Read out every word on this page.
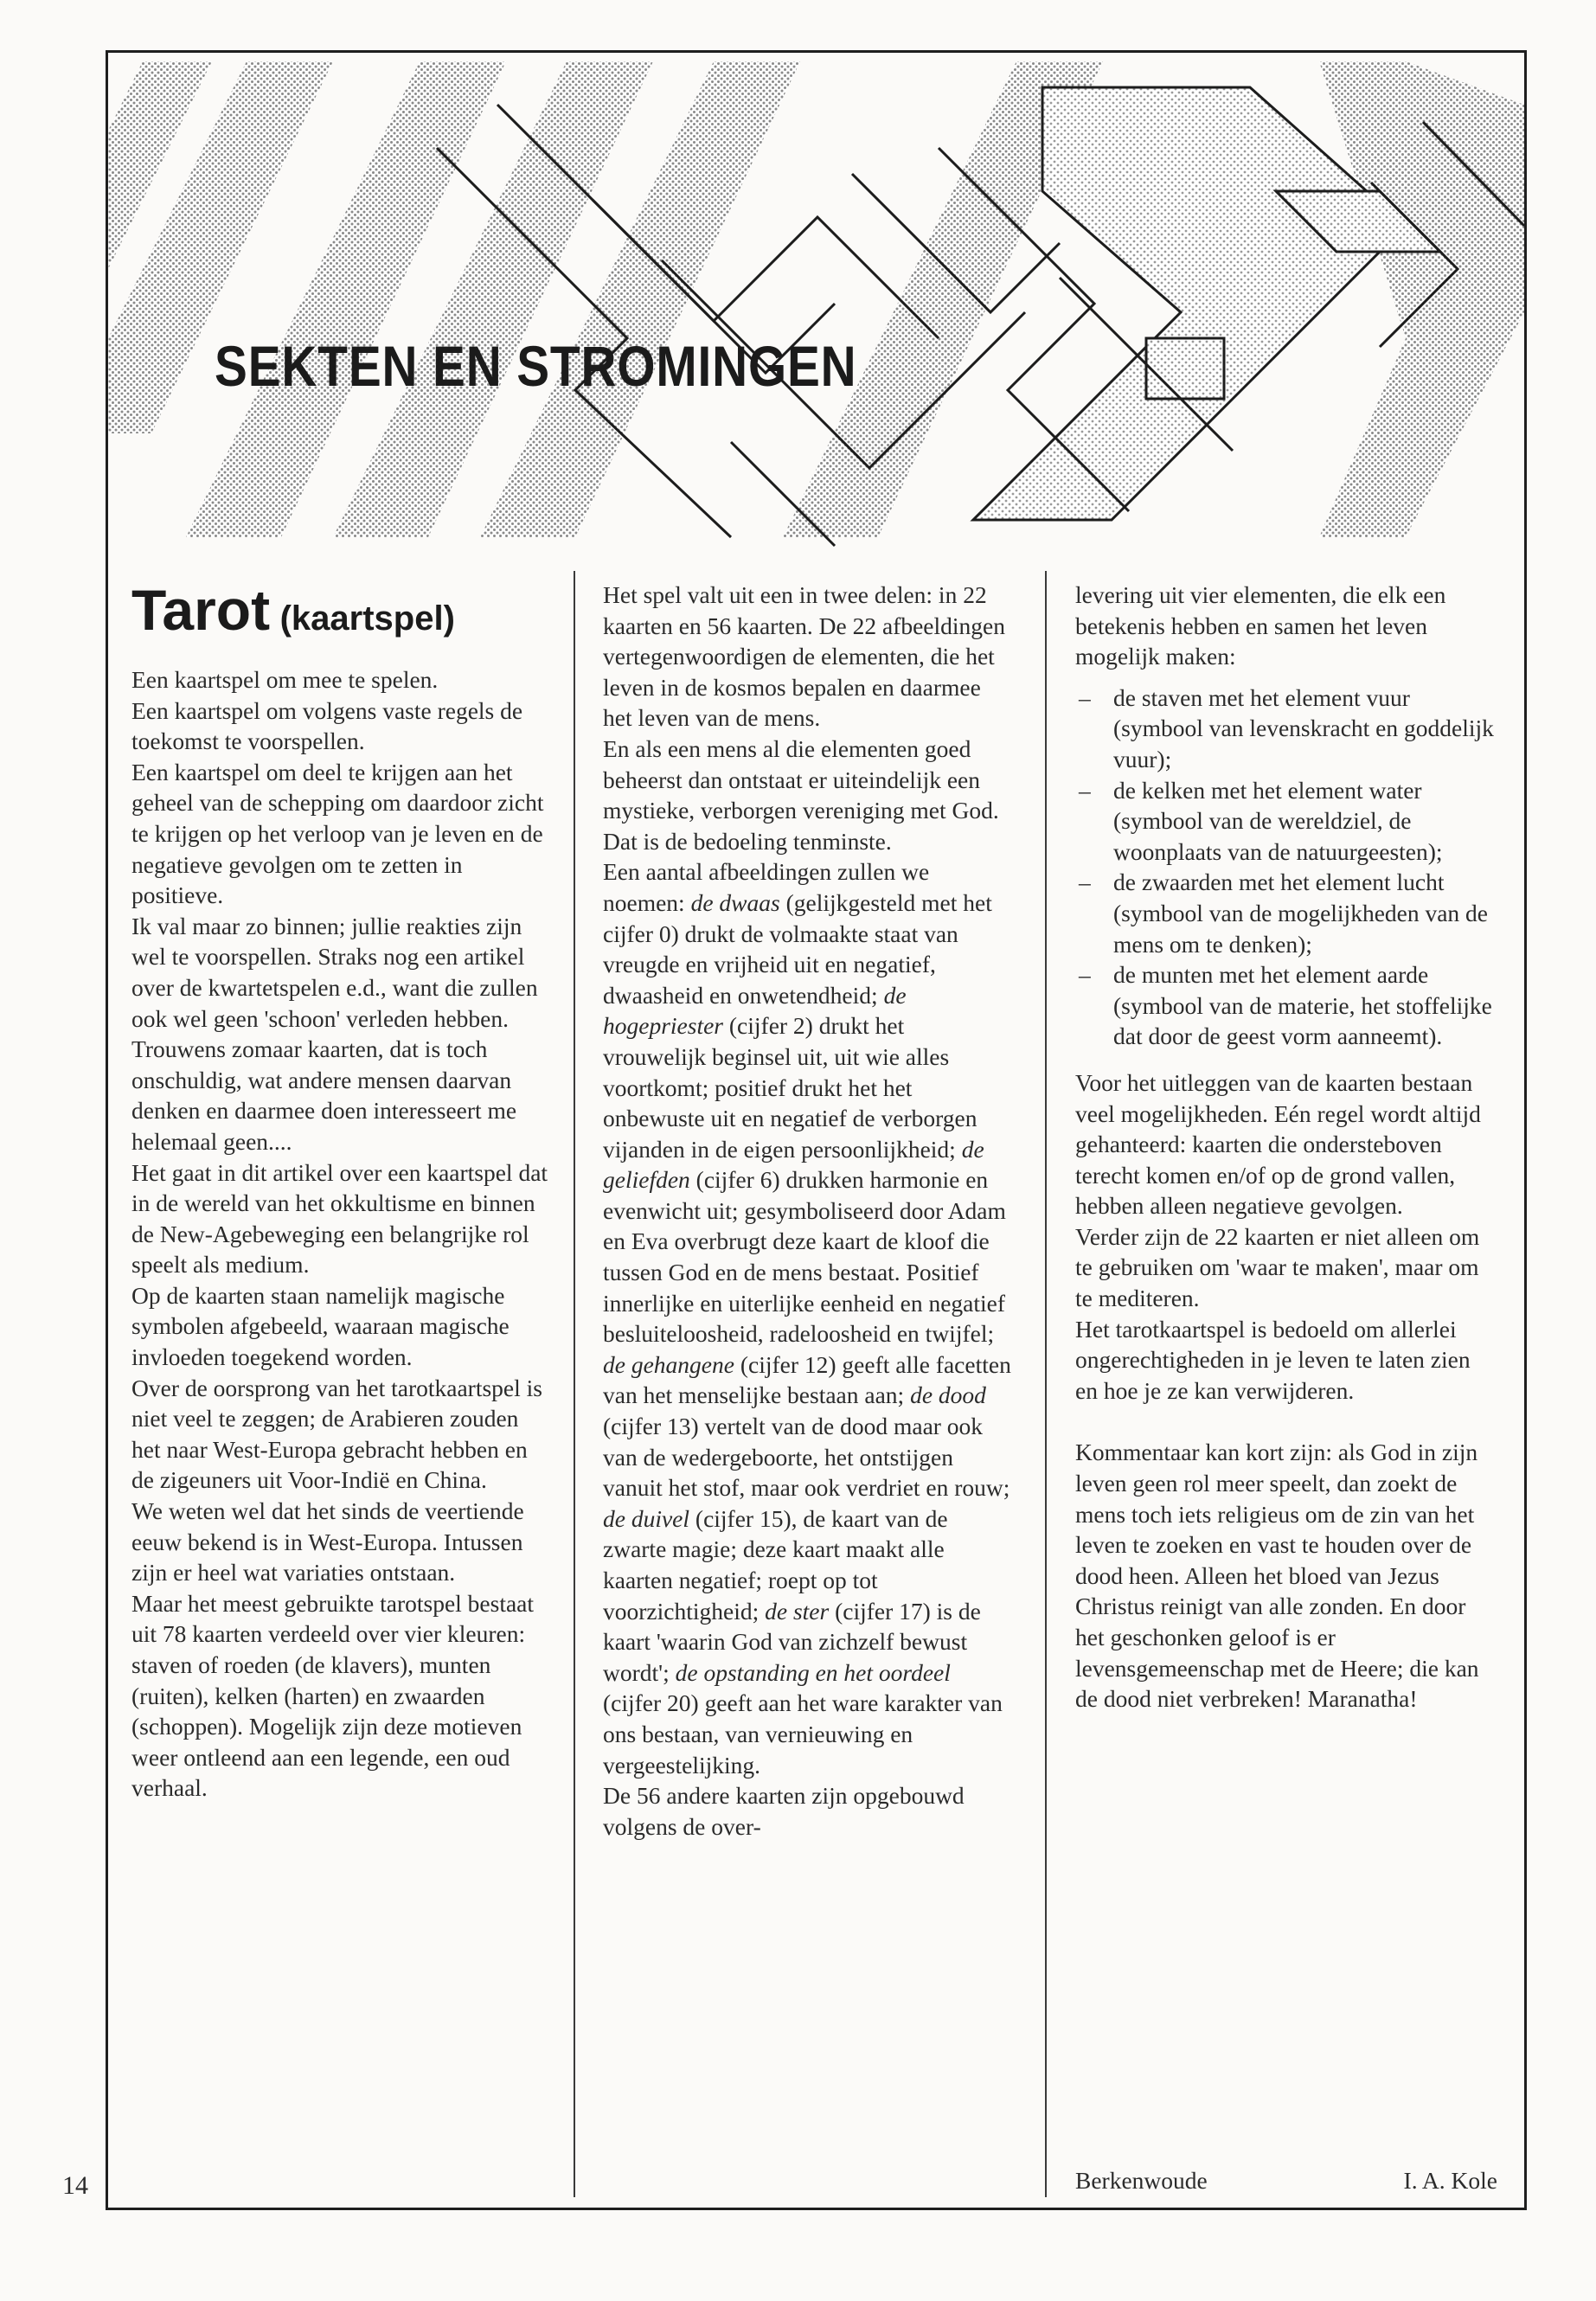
SEKTEN EN STROMINGEN
Tarot (kaartspel)

Een kaartspel om mee te spelen.

Een kaartspel om volgens vaste regels de toekomst te voorspellen.

Een kaartspel om deel te krijgen aan het geheel van de schepping om daardoor zicht te krijgen op het verloop van je leven en de negatieve gevolgen om te zetten in positieve.

Ik val maar zo binnen; jullie reakties zijn wel te voorspellen. Straks nog een artikel over de kwartetspelen e.d., want die zullen ook wel geen 'schoon' verleden hebben. Trouwens zomaar kaarten, dat is toch onschuldig, wat andere mensen daarvan denken en daarmee doen interesseert me helemaal geen....

Het gaat in dit artikel over een kaartspel dat in de wereld van het okkultisme en binnen de New-Agebeweging een belangrijke rol speelt als medium.

Op de kaarten staan namelijk magische symbolen afgebeeld, waaraan magische invloeden toegekend worden.

Over de oorsprong van het tarotkaartspel is niet veel te zeggen; de Arabieren zouden het naar West-Europa gebracht hebben en de zigeuners uit Voor-Indië en China.

We weten wel dat het sinds de veertiende eeuw bekend is in West-Europa. Intussen zijn er heel wat variaties ontstaan.

Maar het meest gebruikte tarotspel bestaat uit 78 kaarten verdeeld over vier kleuren: staven of roeden (de klavers), munten (ruiten), kelken (harten) en zwaarden (schoppen). Mogelijk zijn deze motieven weer ontleend aan een legende, een oud verhaal.

Het spel valt uit een in twee delen: in 22 kaarten en 56 kaarten. De 22 afbeeldingen vertegenwoordigen de elementen, die het leven in de kosmos bepalen en daarmee het leven van de mens.

En als een mens al die elementen goed beheerst dan ontstaat er uiteindelijk een mystieke, verborgen vereniging met God. Dat is de bedoeling tenminste.

Een aantal afbeeldingen zullen we noemen: de dwaas (gelijkgesteld met het cijfer 0) drukt de volmaakte staat van vreugde en vrijheid uit en negatief, dwaasheid en onwetendheid; de hogepriester (cijfer 2) drukt het vrouwelijk beginsel uit, uit wie alles voortkomt; positief drukt het het onbewuste uit en negatief de verborgen vijanden in de eigen persoonlijkheid; de geliefden (cijfer 6) drukken harmonie en evenwicht uit; gesymboliseerd door Adam en Eva overbrugt deze kaart de kloof die tussen God en de mens bestaat. Positief innerlijke en uiterlijke eenheid en negatief besluiteloosheid, radeloosheid en twijfel; de gehangene (cijfer 12) geeft alle facetten van het menselijke bestaan aan; de dood (cijfer 13) vertelt van de dood maar ook van de wedergeboorte, het ontstijgen vanuit het stof, maar ook verdriet en rouw; de duivel (cijfer 15), de kaart van de zwarte magie; deze kaart maakt alle kaarten negatief; roept op tot voorzichtigheid; de ster (cijfer 17) is de kaart 'waarin God van zichzelf bewust wordt'; de opstanding en het oordeel (cijfer 20) geeft aan het ware karakter van ons bestaan, van vernieuwing en vergeestelijking.

De 56 andere kaarten zijn opgebouwd volgens de over-

levering uit vier elementen, die elk een betekenis hebben en samen het leven mogelijk maken:

– de staven met het element vuur (symbool van levenskracht en goddelijk vuur);
– de kelken met het element water (symbool van de wereldziel, de woonplaats van de natuurgeesten);
– de zwaarden met het element lucht (symbool van de mogelijkheden van de mens om te denken);
– de munten met het element aarde (symbool van de materie, het stoffelijke dat door de geest vorm aanneemt).

Voor het uitleggen van de kaarten bestaan veel mogelijkheden. Eén regel wordt altijd gehanteerd: kaarten die ondersteboven terecht komen en/of op de grond vallen, hebben alleen negatieve gevolgen.

Verder zijn de 22 kaarten er niet alleen om te gebruiken om 'waar te maken', maar om te mediteren.

Het tarotkaartspel is bedoeld om allerlei ongerechtigheden in je leven te laten zien en hoe je ze kan verwijderen.

Kommentaar kan kort zijn: als God in zijn leven geen rol meer speelt, dan zoekt de mens toch iets religieus om de zin van het leven te zoeken en vast te houden over de dood heen. Alleen het bloed van Jezus Christus reinigt van alle zonden. En door het geschonken geloof is er levensgemeenschap met de Heere; die kan de dood niet verbreken! Maranatha!

Berkenwoude	I. A. Kole
14
